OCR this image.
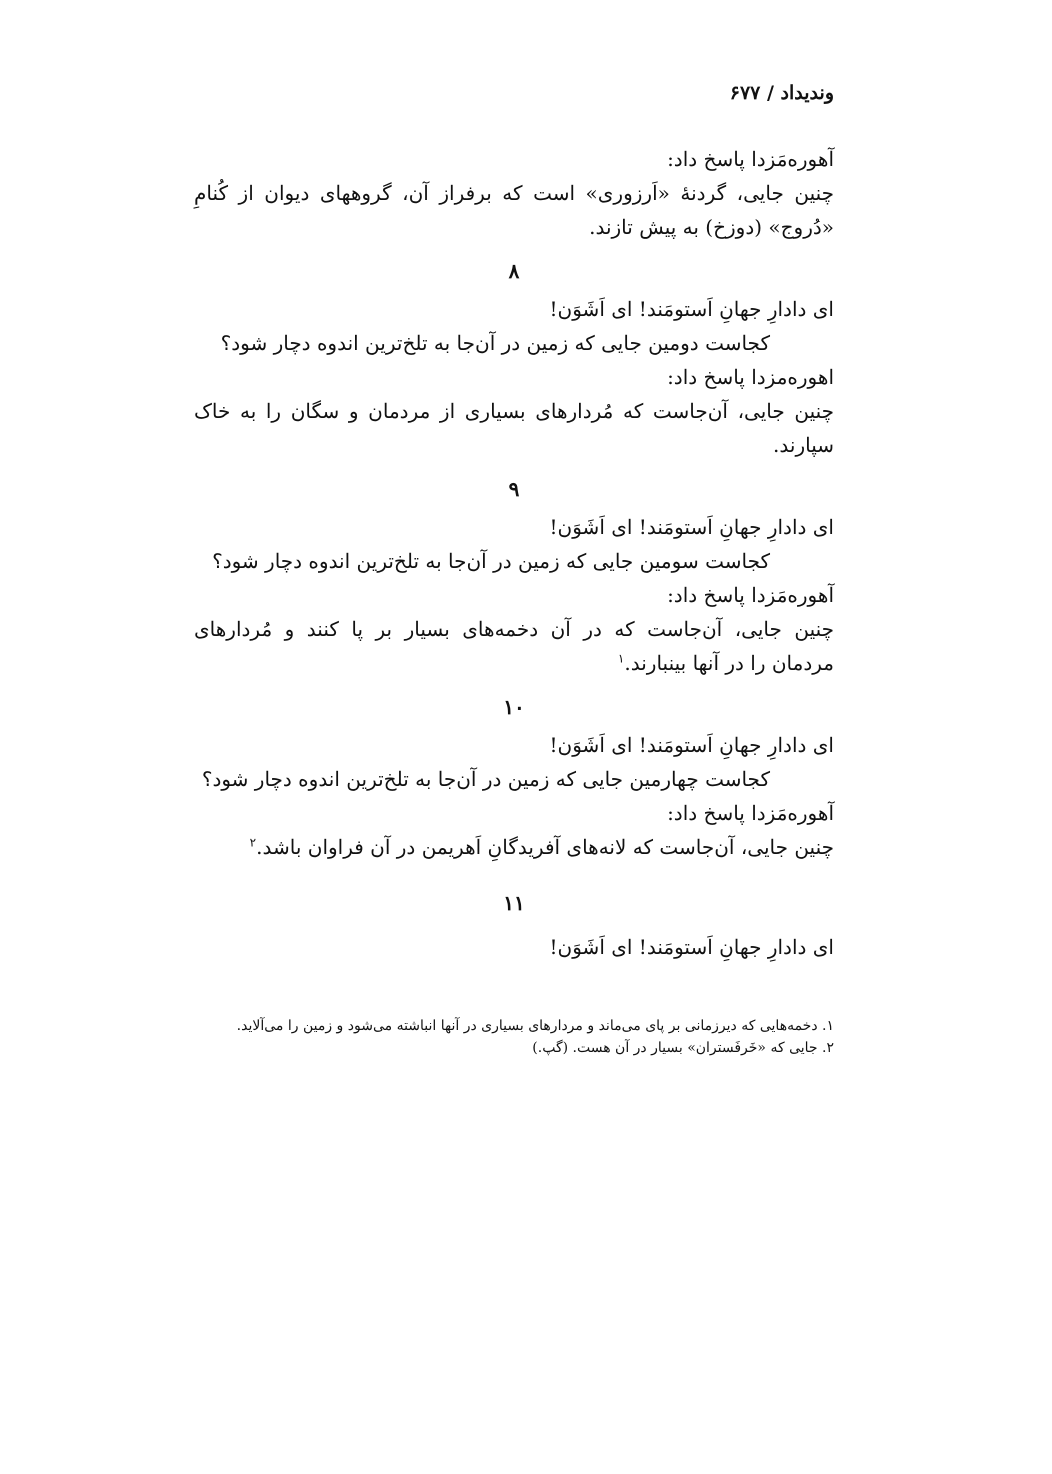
وندیداد / ۶۷۷
آهوره‌مَزدا پاسخ داد:
چنین جایی، گردنهٔ «اَرزوری» است که برفراز آن، گروههای دیوان از کُنامِ
«دُروج» (دوزخ) به پیش تازند.
۸
ای دادارِ جهانِ اَستومَند! ای اَشَوَن!
کجاست دومین جایی که زمین در آن‌جا به تلخ‌ترین اندوه دچار شود؟
اهوره‌مزدا پاسخ داد:
چنین جایی، آن‌جاست که مُردارهای بسیاری از مردمان و سگان را به خاک
سپارند.
۹
ای دادارِ جهانِ اَستومَند! ای اَشَوَن!
کجاست سومین جایی که زمین در آن‌جا به تلخ‌ترین اندوه دچار شود؟
آهوره‌مَزدا پاسخ داد:
چنین جایی، آن‌جاست که در آن دخمه‌های بسیار بر پا کنند و مُردارهای
مردمان را در آنها بینبارند.$^۱$
۱۰
ای دادارِ جهانِ اَستومَند! ای اَشَوَن!
کجاست چهارمین جایی که زمین در آن‌جا به تلخ‌ترین اندوه دچار شود؟
آهوره‌مَزدا پاسخ داد:
چنین جایی، آن‌جاست که لانه‌های آفریدگانِ اَهریمن در آن فراوان باشد.$^۲$
۱۱
ای دادارِ جهانِ اَستومَند! ای اَشَوَن!
۱. دخمه‌هایی که دیرزمانی بر پای می‌ماند و مردارهای بسیاری در آنها انباشته می‌شود و زمین را می‌آلاید.
۲. جایی که «خَرفَستران» بسیار در آن هست. (گپ.)
